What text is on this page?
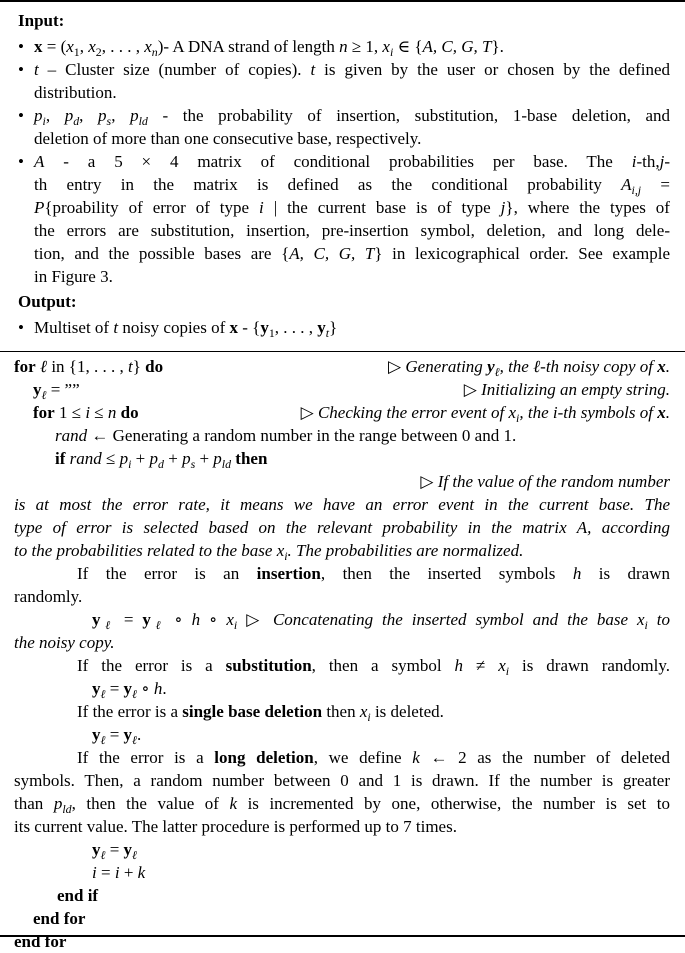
Input:
• $x = (x_1$, $x_2$, . . . , $x_n)-$ A DNA strand of length n ≥ 1, $x_i$ ∈ {A, C, G, T}.
• t – Cluster size (number of copies). t is given by the user or chosen by the defined
distribution.
• $p_i$, $p_d$, $p_s$, $p_{ld}$ - the probability of insertion, substitution, 1-base deletion, and
deletion of more than one consecutive base, respectively.
• A - a 5 × 4 matrix of conditional probabilities per base. The i-th,j-
th entry in the matrix is defined as the conditional probability $A_{i,j}$ =
P{proability of error of type i | the current base is of type j}, where the types of
the errors are substitution, insertion, pre-insertion symbol, deletion, and long dele-
tion, and the possible bases are {A, C, G, T} in lexicographical order. See example
in Figure 3.
Output:
• Multiset of t noisy copies of x - {$y_1$, . . . , $y_t$}
for ℓ in {1, . . . , t} do	▷ Generating $y_\ell$, the ℓ-th noisy copy of x.
$y_\ell$ = ””	▷ Initializing an empty string.
for 1 ≤ i ≤ n do	▷ Checking the error event of $x_i$, the i-th symbols of x.
rand ← Generating a random number in the range between 0 and 1.
if rand ≤ $p_i + p_d + p_s + p_{ld}$ then
▷ If the value of the random number
is at most the error rate, it means we have an error event in the current base. The
type of error is selected based on the relevant probability in the matrix A, according
to the probabilities related to the base $x_i$. The probabilities are normalized.
If the error is an insertion, then the inserted symbols h is drawn
randomly.
$y_\ell = y_\ell$ ∘ h ∘ $x_i$ ▷ Concatenating the inserted symbol and the base $x_i$ to
the noisy copy.
If the error is a substitution, then a symbol $h \ne x_i$ is drawn randomly.
$y_\ell = y_\ell$ ∘ h.
If the error is a single base deletion then $x_i$ is deleted.
$y_\ell = y_\ell$.
If the error is a long deletion, we define k ← 2 as the number of deleted
symbols. Then, a random number between 0 and 1 is drawn. If the number is greater
than $p_{ld}$, then the value of k is incremented by one, otherwise, the number is set to
its current value. The latter procedure is performed up to 7 times.
$y_\ell = y_\ell$
i = i + k
end if
end for
end for
